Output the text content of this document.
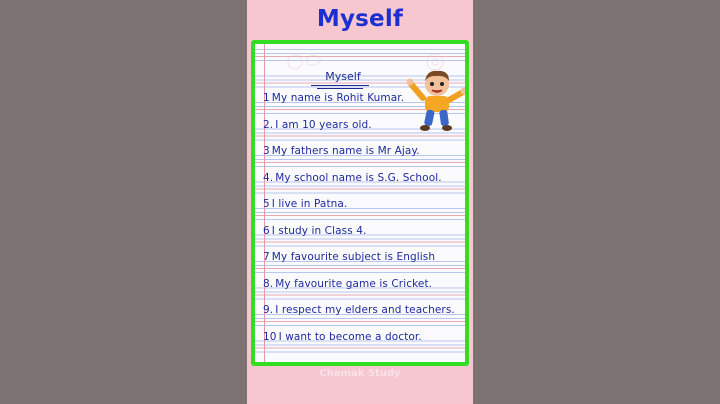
Myself
Myself
1 My name is Rohit Kumar.
2. I am 10 years old.
3 My fathers name is Mr Ajay.
4. My school name is S.G. School.
5 I live in Patna.
6 I study in Class 4.
7 My favourite subject is English
8. My favourite game is Cricket.
9. I respect my elders and teachers.
10 I want to become a doctor.
Chamak Study
